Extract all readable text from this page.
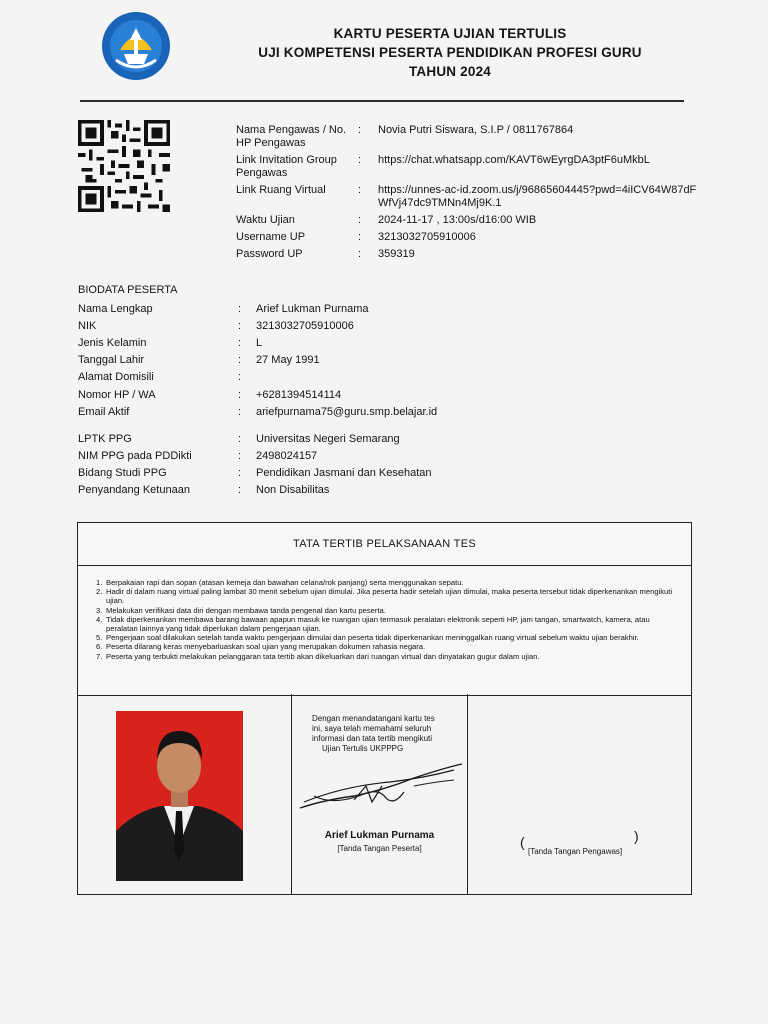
KARTU PESERTA UJIAN TERTULIS
UJI KOMPETENSI PESERTA PENDIDIKAN PROFESI GURU
TAHUN 2024
Nama Pengawas / No. HP Pengawas
:	Novia Putri Siswara, S.I.P / 0811767864
Link Invitation Group Pengawas
:	https://chat.whatsapp.com/KAVT6wEyrgDA3ptF6uMkbL
Link Ruang Virtual	:	https://unnes-ac-id.zoom.us/j/96865604445?pwd=4iICV64W87dFWfVj47dc9TMNn4Mj9K.1
Waktu Ujian	:	2024-11-17 , 13:00s/d16:00 WIB
Username UP	:	3213032705910006
Password UP	:	359319
BIODATA PESERTA
Nama Lengkap	:	Arief Lukman Purnama
NIK	:	3213032705910006
Jenis Kelamin	:	L
Tanggal Lahir	:	27 May 1991
Alamat Domisili	:
Nomor HP / WA	:	+6281394514114
Email Aktif	:	ariefpurnama75@guru.smp.belajar.id
LPTK PPG	:	Universitas Negeri Semarang
NIM PPG pada PDDikti	:	2498024157
Bidang Studi PPG	:	Pendidikan Jasmani dan Kesehatan
Penyandang Ketunaan	:	Non Disabilitas
TATA TERTIB PELAKSANAAN TES
1. Berpakaian rapi dan sopan (atasan kemeja dan bawahan celana/rok panjang) serta menggunakan sepatu.
2. Hadir di dalam ruang virtual paling lambat 30 menit sebelum ujian dimulai. Jika peserta hadir setelah ujian dimulai, maka peserta tersebut tidak diperkenankan mengikuti ujian.
3. Melakukan verifikasi data diri dengan membawa tanda pengenal dan kartu peserta.
4. Tidak diperkenankan membawa barang bawaan apapun masuk ke ruangan ujian termasuk peralatan elektronik seperti HP, jam tangan, smartwatch, kamera, atau peralatan lainnya yang tidak diperlukan dalam pengerjaan ujian.
5. Pengerjaan soal dilakukan setelah tanda waktu pengerjaan dimulai dan peserta tidak diperkenankan meninggalkan ruang virtual sebelum waktu ujian berakhir.
6. Peserta dilarang keras menyebarluaskan soal ujian yang merupakan dokumen rahasia negara.
7. Peserta yang terbukti melakukan pelanggaran tata tertib akan dikeluarkan dari ruangan virtual dan dinyatakan gugur dalam ujian.
Dengan menandatangani kartu tes
ini, saya telah memahami seluruh
informasi dan tata tertib mengikuti
Ujian Tertulis UKPPPG
Arief Lukman Purnama
[Tanda Tangan Peserta]	(	)
[Tanda Tangan Pengawas]
